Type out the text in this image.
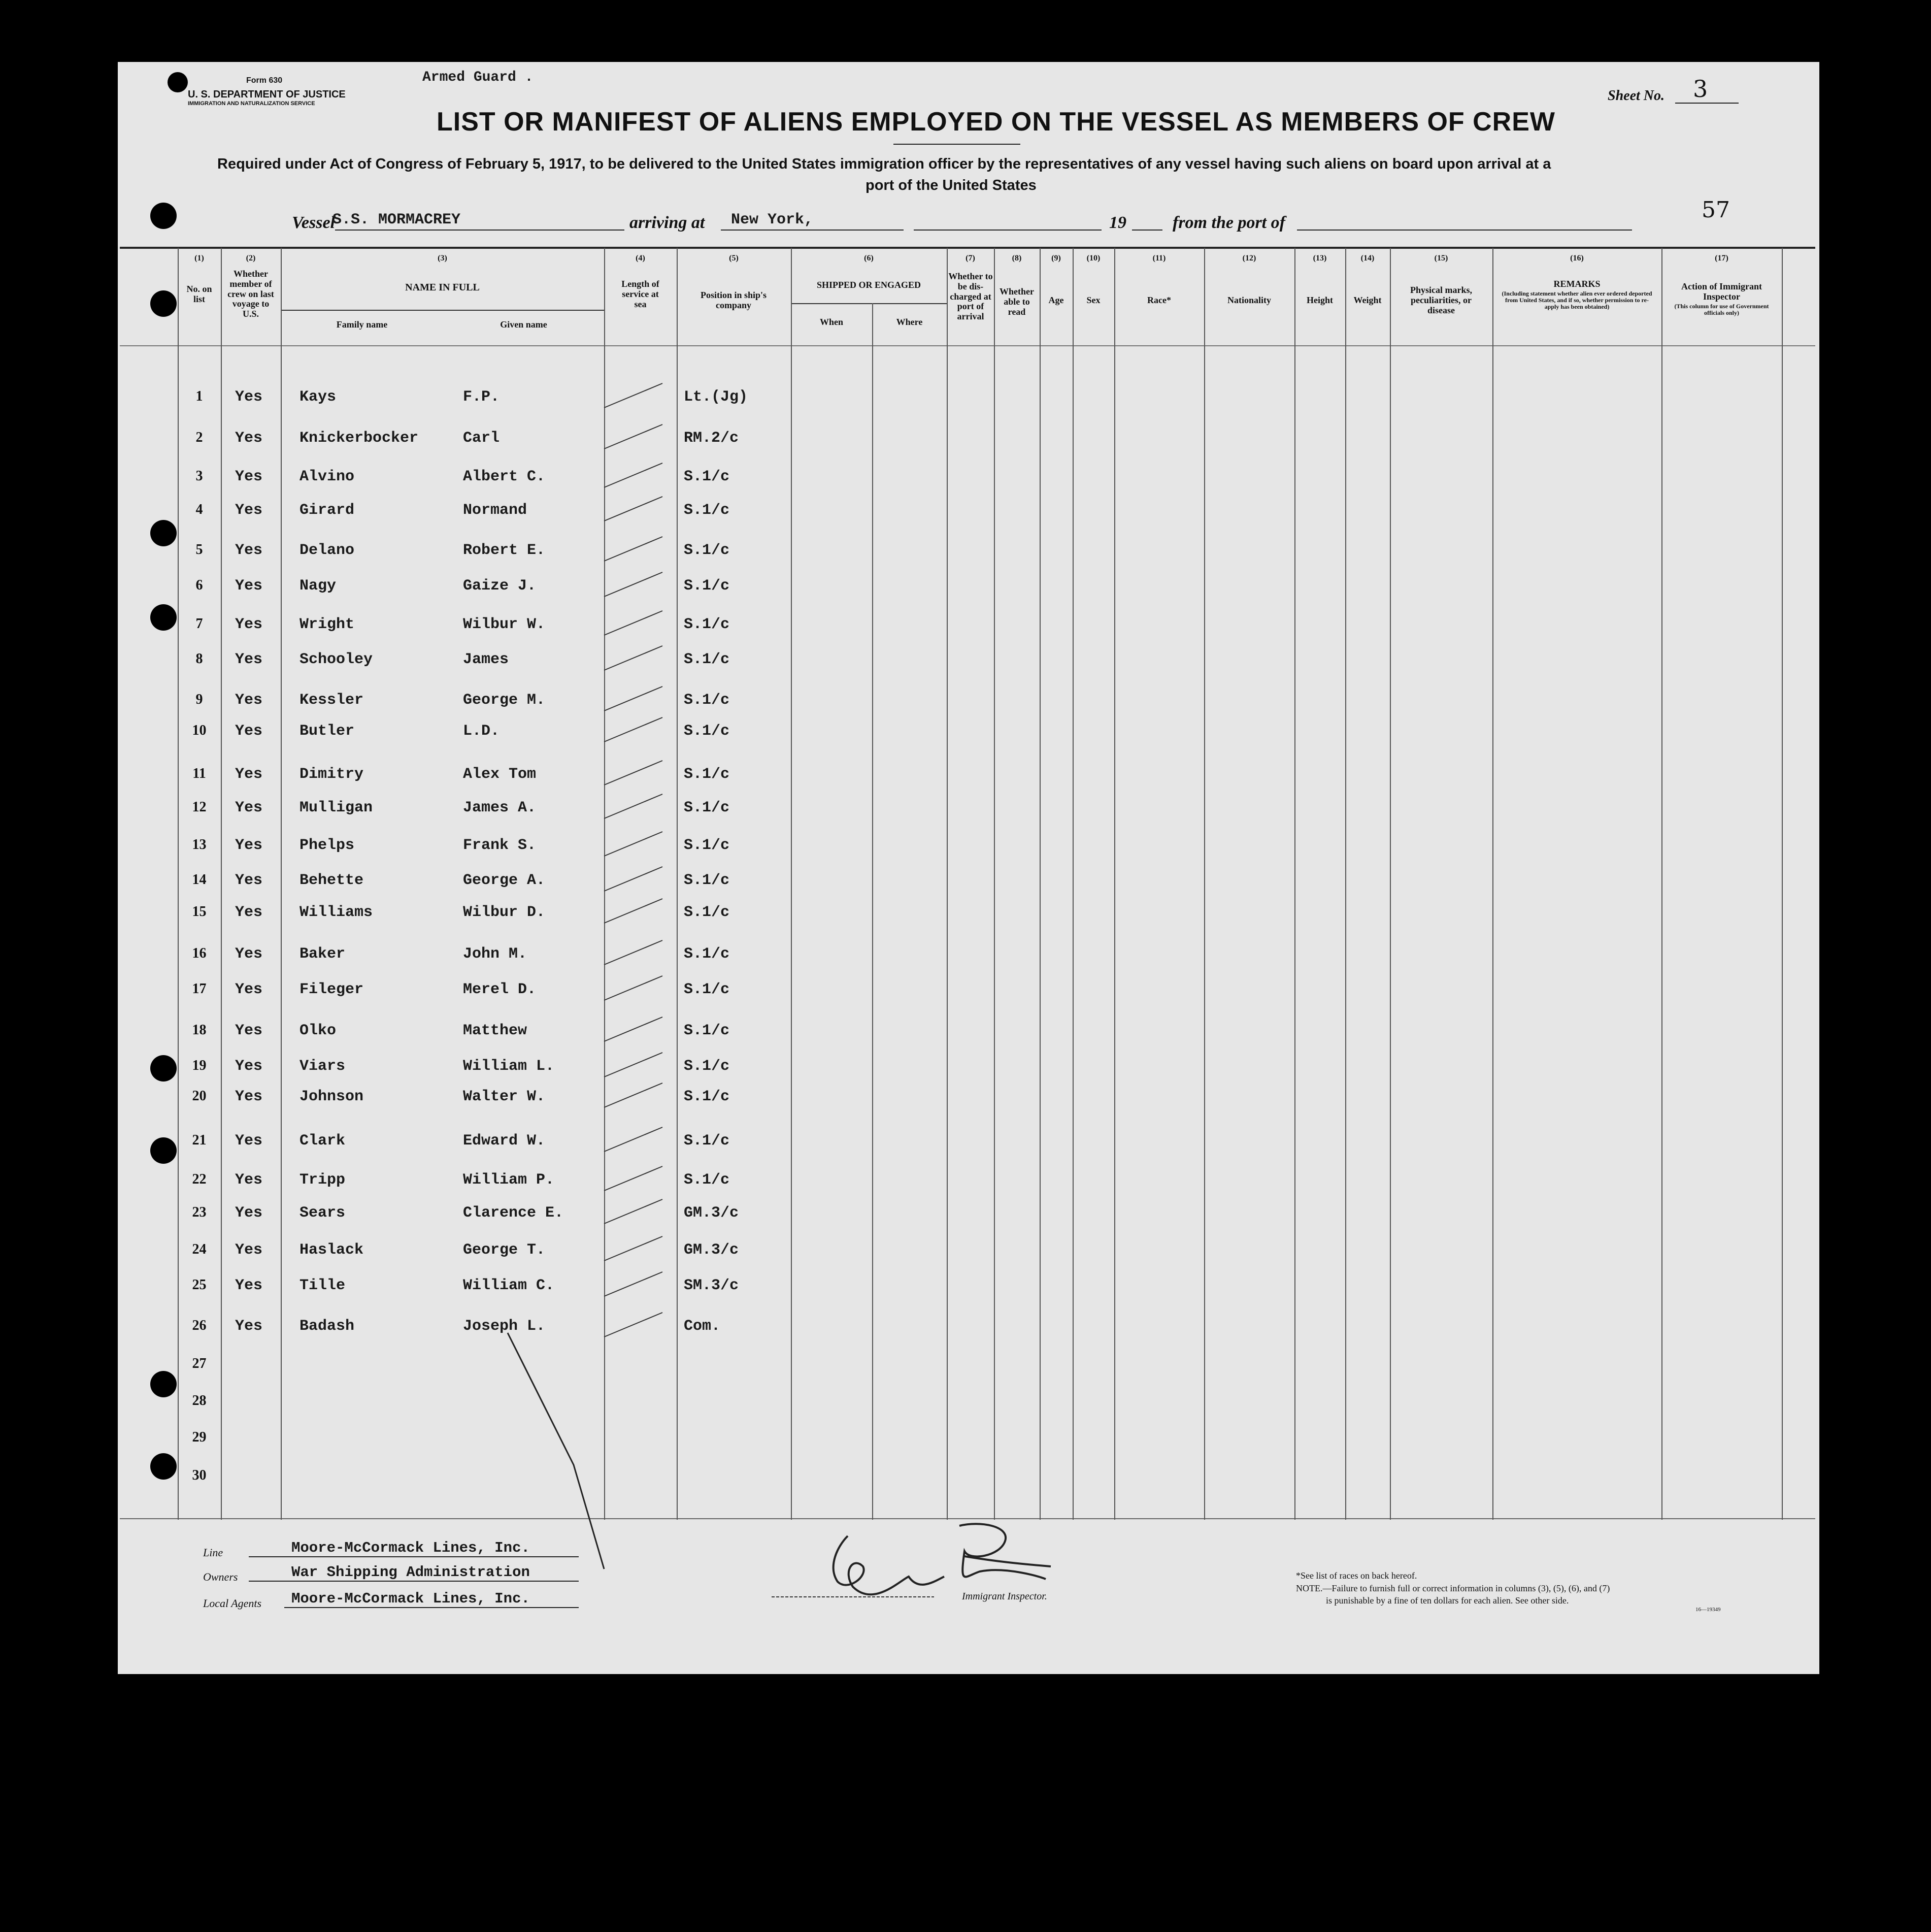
Form 630
U. S. DEPARTMENT OF JUSTICE
IMMIGRATION AND NATURALIZATION SERVICE
Armed Guard .
Sheet No. 3
LIST OR MANIFEST OF ALIENS EMPLOYED ON THE VESSEL AS MEMBERS OF CREW
Required under Act of Congress of February 5, 1917, to be delivered to the United States immigration officer by the representatives of any vessel having such aliens on board upon arrival at a
port of the United States
57
Vessel
S.S. MORMACREY	arriving at New York,	19	from the port of
(1)
No. on list
(2)
Whether member of crew on last voyage to U.S.
(3)
NAME IN FULL
Family name	Given name
(4)
Length of service at sea
(5)
Position in ship's company
(6)
SHIPPED OR ENGAGED
When	Where
(7)
Whether to be dis-charged at port of arrival
(8)
Whether able to read
(9)
Age
(10)
Sex
(11)
Race*
(12)
Nationality
(13)
Height
(14)
Weight
(15)
Physical marks, peculiarities, or disease
(16)
REMARKS
(Including statement whether alien ever ordered deported from United States, and if so, whether permission to re-apply has been obtained)
(17)
Action of Immigrant Inspector
(This column for use of Government officials only)
1	Yes Kays	F.P.	Lt.(Jg)
2	Yes Knickerbocker	Carl	RM.2/c
3	Yes Alvino	Albert C.	S.1/c
4	Yes Girard	Normand	S.1/c
5	Yes Delano	Robert E.	S.1/c
6	Yes Nagy	Gaize J.	S.1/c
7	Yes Wright	Wilbur W.	S.1/c
8	Yes Schooley	James	S.1/c
9	Yes Kessler	George M.	S.1/c
10	Yes Butler	L.D.	S.1/c
11	Yes Dimitry	Alex Tom	S.1/c
12	Yes Mulligan	James A.	S.1/c
13	Yes Phelps	Frank S.	S.1/c
14	Yes Behette	George A.	S.1/c
15	Yes Williams	Wilbur D.	S.1/c
16	Yes Baker	John M.	S.1/c
17	Yes Fileger	Merel D.	S.1/c
18	Yes Olko	Matthew	S.1/c
19	Yes Viars	William L.	S.1/c
20	Yes Johnson	Walter W.	S.1/c
21	Yes Clark	Edward W.	S.1/c
22	Yes Tripp	William P.	S.1/c
23	Yes Sears	Clarence E.	GM.3/c
24	Yes Haslack	George T.	GM.3/c
25	Yes Tille	William C.	SM.3/c
26	Yes Badash	Joseph L.	Com.
27
28
29
30
Line	Moore-McCormack Lines, Inc.
Owners	War Shipping Administration
Local Agents Moore-McCormack Lines, Inc.	Immigrant Inspector.
*See list of races on back hereof.
NOTE.—Failure to furnish full or correct information in columns (3), (5), (6), and (7)
is punishable by a fine of ten dollars for each alien. See other side.
16—19349
